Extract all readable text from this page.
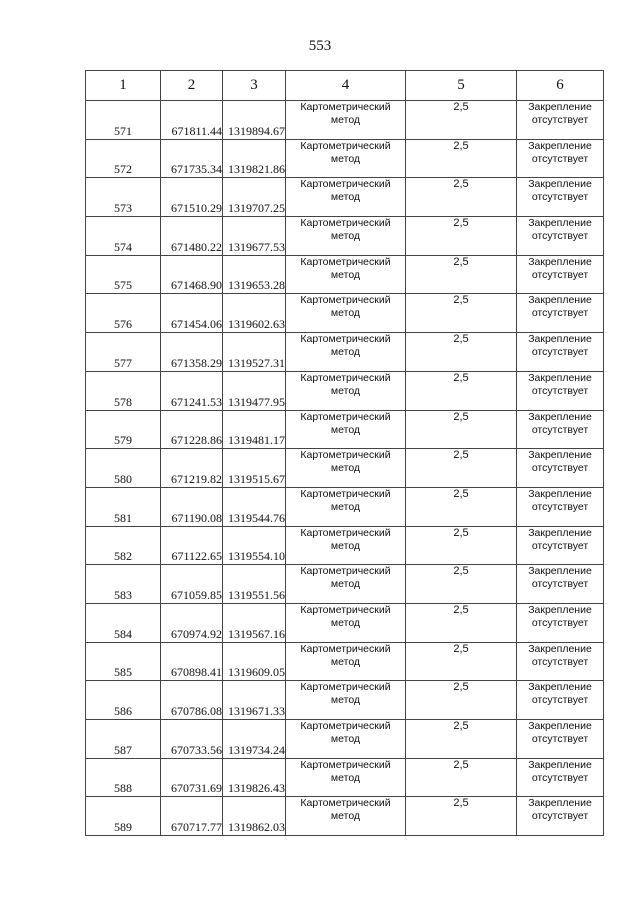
553
1	2	3	4	5	6
571	671811.44	1319894.67	Картометрический
метод	2,5	Закрепление
отсутствует

572	671735.34	1319821.86	Картометрический
метод	2,5	Закрепление
отсутствует

573	671510.29	1319707.25	Картометрический
метод	2,5	Закрепление
отсутствует

574	671480.22	1319677.53	Картометрический
метод	2,5	Закрепление
отсутствует

575	671468.90	1319653.28	Картометрический
метод	2,5	Закрепление
отсутствует

576	671454.06	1319602.63	Картометрический
метод	2,5	Закрепление
отсутствует

577	671358.29	1319527.31	Картометрический
метод	2,5	Закрепление
отсутствует

578	671241.53	1319477.95	Картометрический
метод	2,5	Закрепление
отсутствует

579	671228.86	1319481.17	Картометрический
метод	2,5	Закрепление
отсутствует

580	671219.82	1319515.67	Картометрический
метод	2,5	Закрепление
отсутствует

581	671190.08	1319544.76	Картометрический
метод	2,5	Закрепление
отсутствует

582	671122.65	1319554.10	Картометрический
метод	2,5	Закрепление
отсутствует

583	671059.85	1319551.56	Картометрический
метод	2,5	Закрепление
отсутствует

584	670974.92	1319567.16	Картометрический
метод	2,5	Закрепление
отсутствует

585	670898.41	1319609.05	Картометрический
метод	2,5	Закрепление
отсутствует

586	670786.08	1319671.33	Картометрический
метод	2,5	Закрепление
отсутствует

587	670733.56	1319734.24	Картометрический
метод	2,5	Закрепление
отсутствует

588	670731.69	1319826.43	Картометрический
метод	2,5	Закрепление
отсутствует

589	670717.77	1319862.03	Картометрический
метод	2,5	Закрепление
отсутствует
